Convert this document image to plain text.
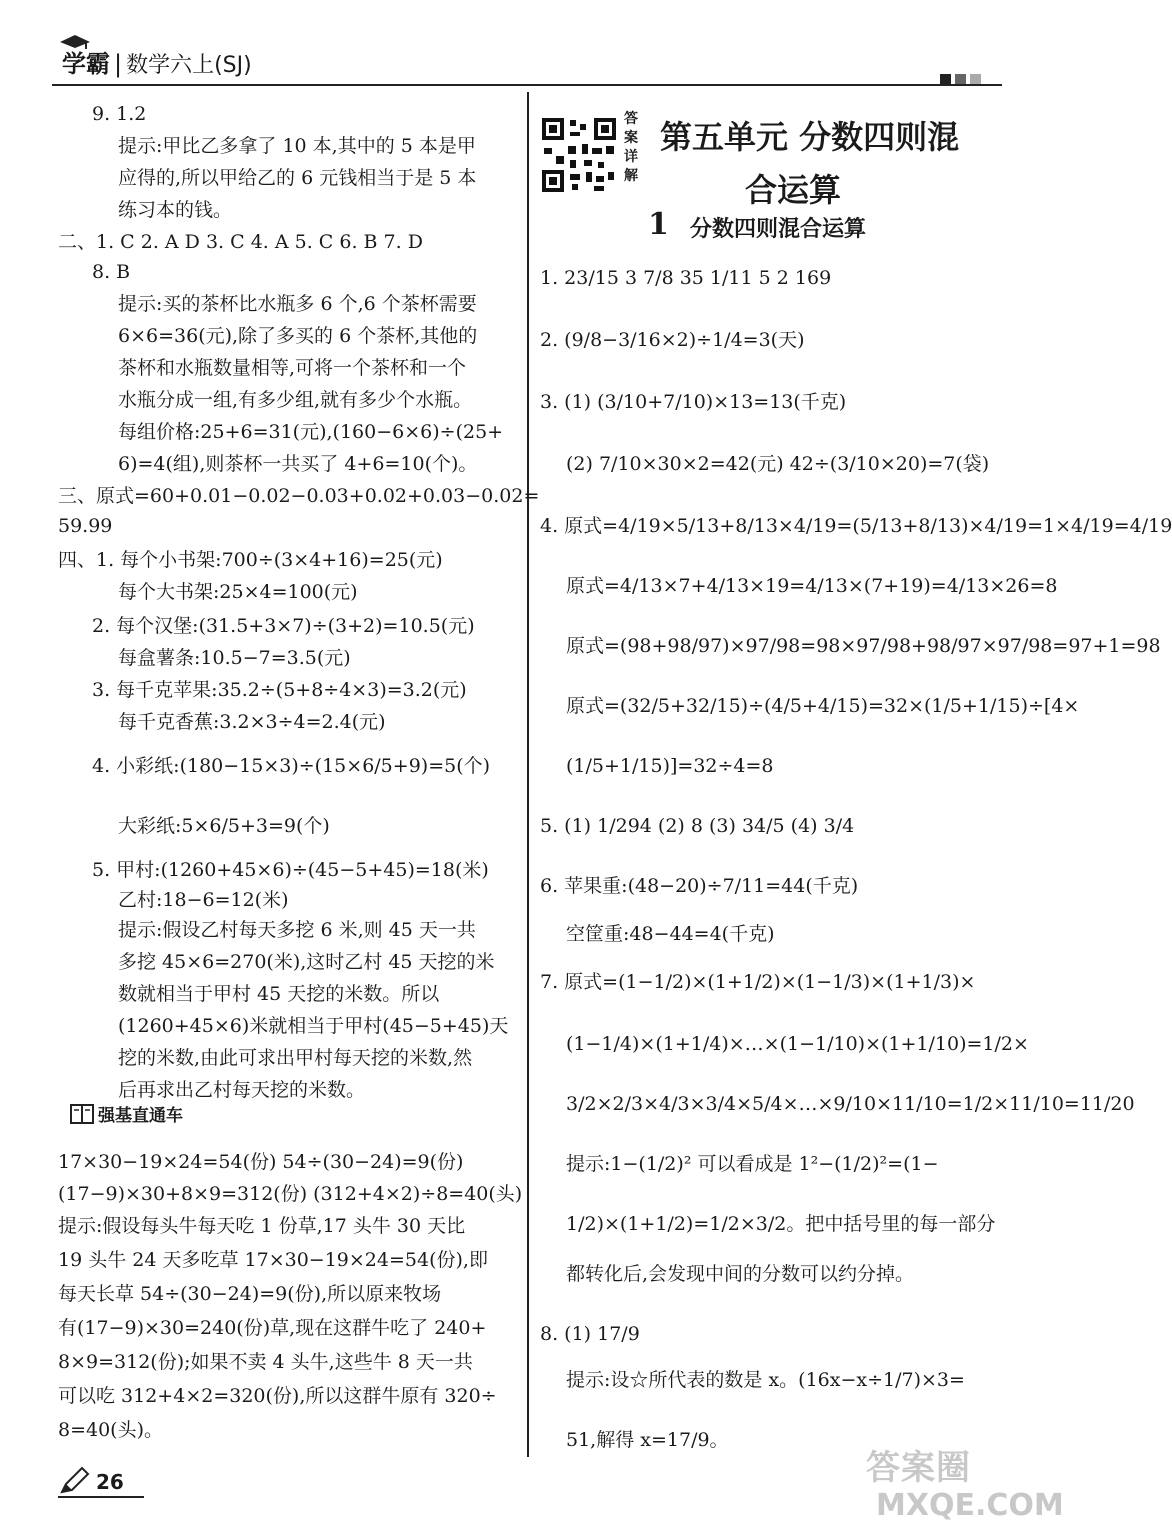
学霸 | 数学六上(SJ)
9. 1.2
提示:甲比乙多拿了 10 本,其中的 5 本是甲
应得的,所以甲给乙的 6 元钱相当于是 5 本
练习本的钱。
二、1. C 2. A D 3. C 4. A 5. C 6. B 7. D
8. B
提示:买的茶杯比水瓶多 6 个,6 个茶杯需要
6×6=36(元),除了多买的 6 个茶杯,其他的
茶杯和水瓶数量相等,可将一个茶杯和一个
水瓶分成一组,有多少组,就有多少个水瓶。
每组价格:25+6=31(元),(160−6×6)÷(25+
6)=4(组),则茶杯一共买了 4+6=10(个)。
三、原式=60+0.01−0.02−0.03+0.02+0.03−0.02=
59.99
四、1. 每个小书架:700÷(3×4+16)=25(元)
每个大书架:25×4=100(元)
2. 每个汉堡:(31.5+3×7)÷(3+2)=10.5(元)
每盒薯条:10.5−7=3.5(元)
3. 每千克苹果:35.2÷(5+8÷4×3)=3.2(元)
每千克香蕉:3.2×3÷4=2.4(元)
4. 小彩纸:(180−15×3)÷(15×6/5+9)=5(个)
大彩纸:5×6/5+3=9(个)
5. 甲村:(1260+45×6)÷(45−5+45)=18(米)
乙村:18−6=12(米)
提示:假设乙村每天多挖 6 米,则 45 天一共
多挖 45×6=270(米),这时乙村 45 天挖的米
数就相当于甲村 45 天挖的米数。所以
(1260+45×6)米就相当于甲村(45−5+45)天
挖的米数,由此可求出甲村每天挖的米数,然
后再求出乙村每天挖的米数。
强基直通车
17×30−19×24=54(份) 54÷(30−24)=9(份)
(17−9)×30+8×9=312(份) (312+4×2)÷8=40(头)
提示:假设每头牛每天吃 1 份草,17 头牛 30 天比
19 头牛 24 天多吃草 17×30−19×24=54(份),即
每天长草 54÷(30−24)=9(份),所以原来牧场
有(17−9)×30=240(份)草,现在这群牛吃了 240+
8×9=312(份);如果不卖 4 头牛,这些牛 8 天一共
可以吃 312+4×2=320(份),所以这群牛原有 320÷
8=40(头)。
答
案
详
解
第五单元 分数四则混
合运算
1 分数四则混合运算
1. 23/15 3 7/8 35 1/11 5 2 169
2. (9/8−3/16×2)÷1/4=3(天)
3. (1) (3/10+7/10)×13=13(千克)
(2) 7/10×30×2=42(元) 42÷(3/10×20)=7(袋)
4. 原式=4/19×5/13+8/13×4/19=(5/13+8/13)×4/19=1×4/19=4/19
原式=4/13×7+4/13×19=4/13×(7+19)=4/13×26=8
原式=(98+98/97)×97/98=98×97/98+98/97×97/98=97+1=98
原式=(32/5+32/15)÷(4/5+4/15)=32×(1/5+1/15)÷[4×
(1/5+1/15)]=32÷4=8
5. (1) 1/294 (2) 8 (3) 34/5 (4) 3/4
6. 苹果重:(48−20)÷7/11=44(千克)
空筐重:48−44=4(千克)
7. 原式=(1−1/2)×(1+1/2)×(1−1/3)×(1+1/3)×
(1−1/4)×(1+1/4)×…×(1−1/10)×(1+1/10)=1/2×
3/2×2/3×4/3×3/4×5/4×…×9/10×11/10=1/2×11/10=11/20
提示:1−(1/2)² 可以看成是 1²−(1/2)²=(1−
1/2)×(1+1/2)=1/2×3/2。把中括号里的每一部分
都转化后,会发现中间的分数可以约分掉。
8. (1) 17/9
提示:设☆所代表的数是 x。(16x−x÷1/7)×3=
51,解得 x=17/9。
26	答案圈
MXQE.COM
